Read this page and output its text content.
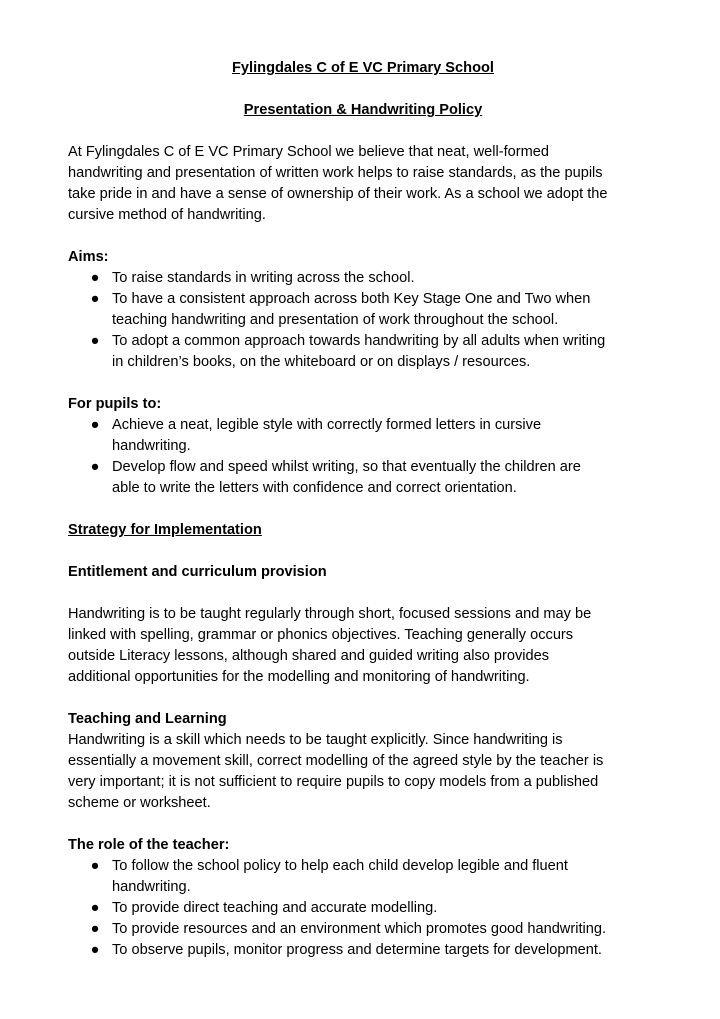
Fylingdales C of E VC Primary School
Presentation & Handwriting Policy
At Fylingdales C of E VC Primary School we believe that neat, well-formed
handwriting and presentation of written work helps to raise standards, as the pupils
take pride in and have a sense of ownership of their work. As a school we adopt the
cursive method of handwriting.
Aims:
● To raise standards in writing across the school.
● To have a consistent approach across both Key Stage One and Two when
teaching handwriting and presentation of work throughout the school.
● To adopt a common approach towards handwriting by all adults when writing
in children’s books, on the whiteboard or on displays / resources.
For pupils to:
● Achieve a neat, legible style with correctly formed letters in cursive
handwriting.
● Develop flow and speed whilst writing, so that eventually the children are
able to write the letters with confidence and correct orientation.
Strategy for Implementation
Entitlement and curriculum provision
Handwriting is to be taught regularly through short, focused sessions and may be
linked with spelling, grammar or phonics objectives. Teaching generally occurs
outside Literacy lessons, although shared and guided writing also provides
additional opportunities for the modelling and monitoring of handwriting.
Teaching and Learning
Handwriting is a skill which needs to be taught explicitly. Since handwriting is
essentially a movement skill, correct modelling of the agreed style by the teacher is
very important; it is not sufficient to require pupils to copy models from a published
scheme or worksheet.
The role of the teacher:
● To follow the school policy to help each child develop legible and fluent
handwriting.
● To provide direct teaching and accurate modelling.
● To provide resources and an environment which promotes good handwriting.
● To observe pupils, monitor progress and determine targets for development.
